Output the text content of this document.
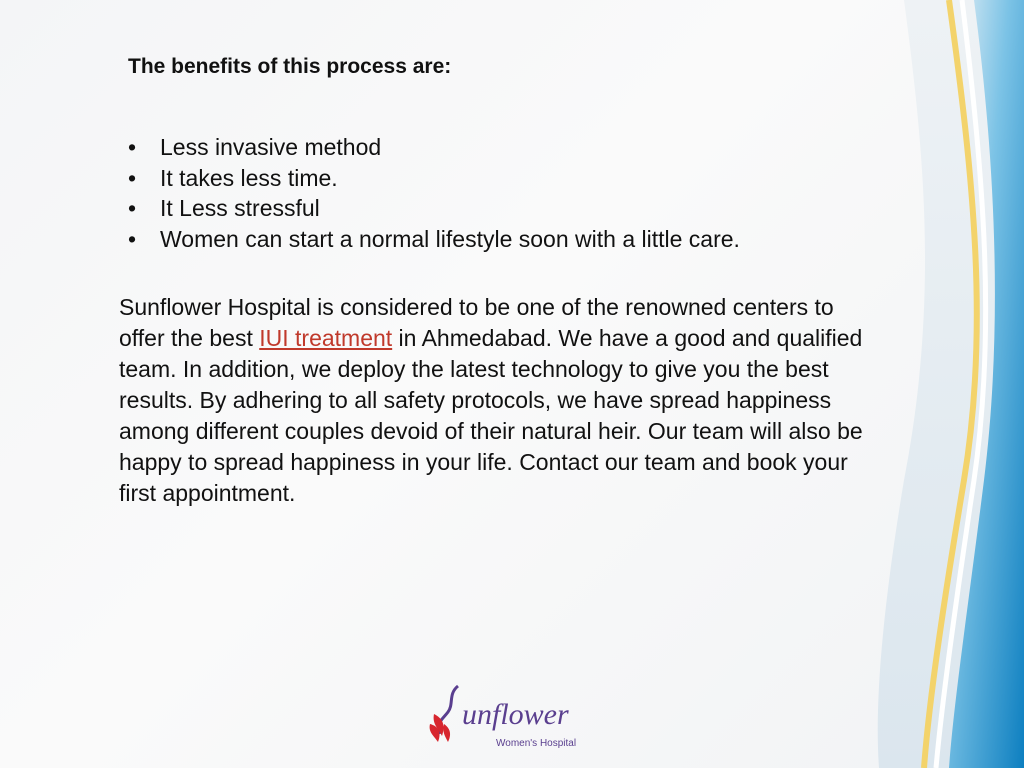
The benefits of this process are:
• Less invasive method
• It takes less time.
• It Less stressful
• Women can start a normal lifestyle soon with a little care.

Sunflower Hospital is considered to be one of the renowned centers to offer the best IUI treatment in Ahmedabad. We have a good and qualified team. In addition, we deploy the latest technology to give you the best results. By adhering to all safety protocols, we have spread happiness among different couples devoid of their natural heir. Our team will also be happy to spread happiness in your life. Contact our team and book your first appointment.

unflower
Women's Hospital
